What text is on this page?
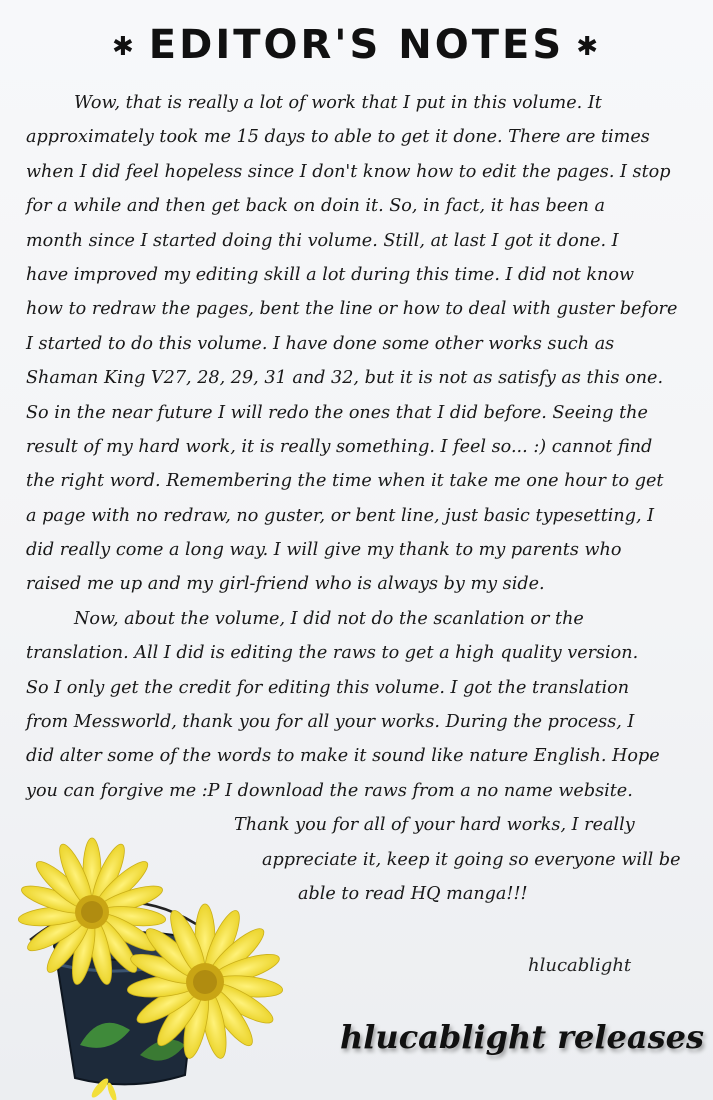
✱ EDITOR'S NOTES ✱
Wow, that is really a lot of work that I put in this volume. It
approximately took me 15 days to able to get it done. There are times
when I did feel hopeless since I don't know how to edit the pages. I stop
for a while and then get back on doin it. So, in fact, it has been a
month since I started doing thi volume. Still, at last I got it done. I
have improved my editing skill a lot during this time. I did not know
how to redraw the pages, bent the line or how to deal with guster before
I started to do this volume. I have done some other works such as
Shaman King V27, 28, 29, 31 and 32, but it is not as satisfy as this one.
So in the near future I will redo the ones that I did before. Seeing the
result of my hard work, it is really something. I feel so... :) cannot find
the right word. Remembering the time when it take me one hour to get
a page with no redraw, no guster, or bent line, just basic typesetting, I
did really come a long way. I will give my thank to my parents who
raised me up and my girl-friend who is always by my side.
Now, about the volume, I did not do the scanlation or the
translation. All I did is editing the raws to get a high quality version.
So I only get the credit for editing this volume. I got the translation
from Messworld, thank you for all your works. During the process, I
did alter some of the words to make it sound like nature English. Hope
you can forgive me :P I download the raws from a no name website.
Thank you for all of your hard works, I really
appreciate it, keep it going so everyone will be
able to read HQ manga!!!
hlucablight
hlucablight releases
